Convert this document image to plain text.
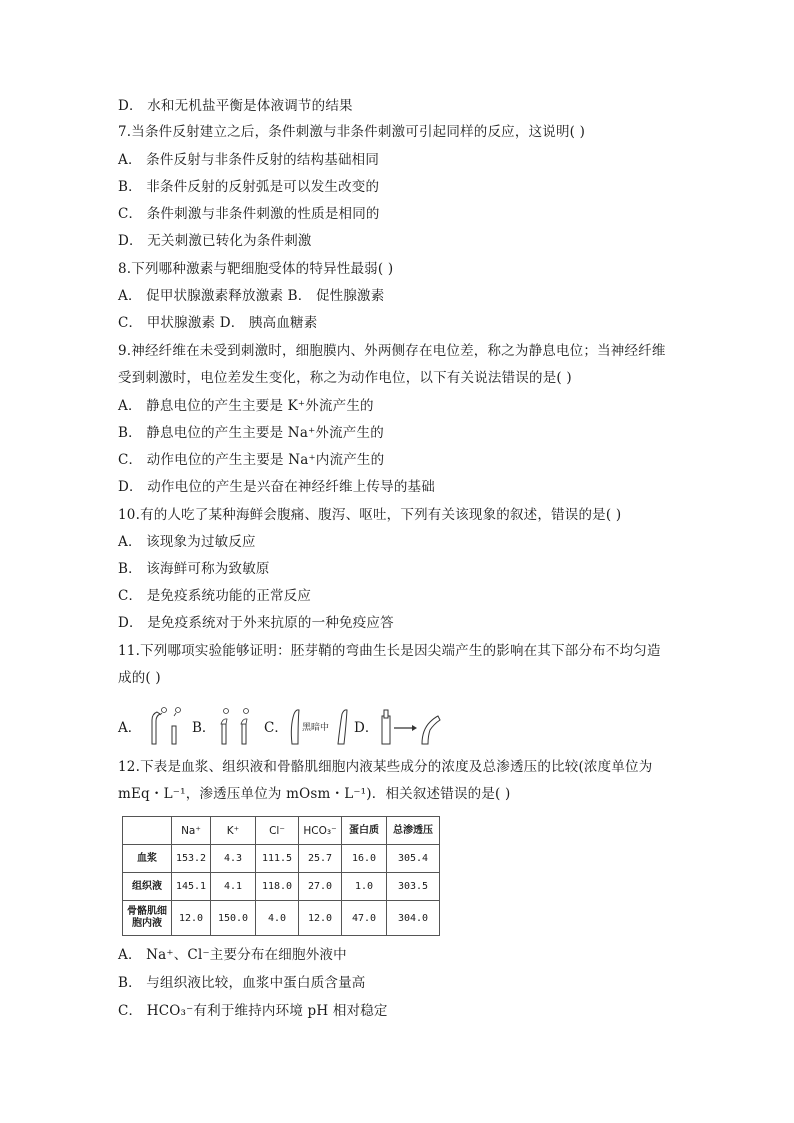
D． 水和无机盐平衡是体液调节的结果
7.当条件反射建立之后，条件刺激与非条件刺激可引起同样的反应，这说明( )
A． 条件反射与非条件反射的结构基础相同
B． 非条件反射的反射弧是可以发生改变的
C． 条件刺激与非条件刺激的性质是相同的
D． 无关刺激已转化为条件刺激
8.下列哪种激素与靶细胞受体的特异性最弱( )
A． 促甲状腺激素释放激素 B． 促性腺激素
C． 甲状腺激素 D． 胰高血糖素
9.神经纤维在未受到刺激时，细胞膜内、外两侧存在电位差，称之为静息电位；当神经纤维
受到刺激时，电位差发生变化，称之为动作电位，以下有关说法错误的是( )
A． 静息电位的产生主要是 K⁺外流产生的
B． 静息电位的产生主要是 Na⁺外流产生的
C． 动作电位的产生主要是 Na⁺内流产生的
D． 动作电位的产生是兴奋在神经纤维上传导的基础
10.有的人吃了某种海鲜会腹痛、腹泻、呕吐，下列有关该现象的叙述，错误的是( )
A． 该现象为过敏反应
B． 该海鲜可称为致敏原
C． 是免疫系统功能的正常反应
D． 是免疫系统对于外来抗原的一种免疫应答
11.下列哪项实验能够证明：胚芽鞘的弯曲生长是因尖端产生的影响在其下部分布不均匀造
成的( )
A．	B．	C． 黑暗中 D．
12.下表是血浆、组织液和骨骼肌细胞内液某些成分的浓度及总渗透压的比较(浓度单位为
mEq・L⁻¹，渗透压单位为 mOsm・L⁻¹)．相关叙述错误的是( )
	Na⁺	K⁺	Cl⁻	HCO₃⁻	蛋白质	总渗透压
血浆	153.2	4.3	111.5	25.7	16.0	305.4
组织液	145.1	4.1	118.0	27.0	1.0	303.5
骨骼肌细胞内液	12.0	150.0	4.0	12.0	47.0	304.0
A． Na⁺、Cl⁻主要分布在细胞外液中
B． 与组织液比较，血浆中蛋白质含量高
C． HCO₃⁻有利于维持内环境 pH 相对稳定
